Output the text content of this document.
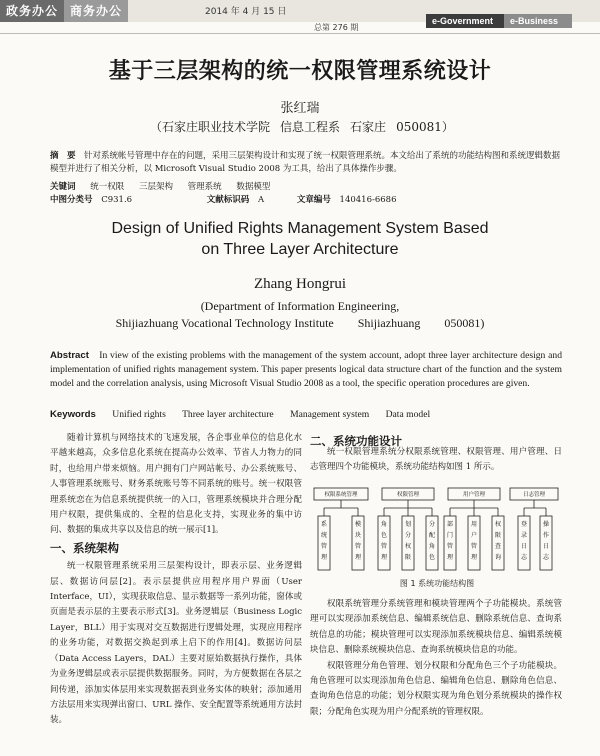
政务办公	商务办公	2014 年 4 月 15 日
总第 276 期
e-Government	e-Business
基于三层架构的统一权限管理系统设计
张红瑞
（石家庄职业技术学院 信息工程系 石家庄 050081）
摘　要　 针对系统帐号管理中存在的问题，采用三层架构设计和实现了统一权限管理系统。本文给出了系统的功能结构图和系统逻辑数据模型并进行了相关分析，以 Microsoft Visual Studio 2008 为工具，给出了具体操作步骤。
关键词 统一权限 三层架构 管理系统 数据模型
中图分类号 C931.6	文献标识码 A	文章编号 140416-6686
Design of Unified Rights Management System Based
on Three Layer Architecture
Zhang Hongrui
(Department of Information Engineering,
Shijiazhuang Vocational Technology Institute　　Shijiazhuang　　050081)
Abstract　 In view of the existing problems with the management of the system account, adopt three layer architecture design and implementation of unified rights management system. This paper presents logical data structure chart of the function and the system model and the correlation analysis, using Microsoft Visual Studio 2008 as a tool, the specific operation procedures are given.
Keywords Unified rights Three layer architecture Management system Data model

随着计算机与网络技术的飞速发展，各企事业单位的信息化水平越来越高，众多信息化系统在提高办公效率、节省人力物力的同时，也给用户带来烦恼。用户拥有门户网站帐号、办公系统账号、人事管理系统账号、财务系统账号等不同系统的账号。统一权限管理系统恋在为信息系统提供统一的入口，管理系统模块并合理分配用户权限，提供集成的、全程的信息化支持，实现业务的集中访问、数据的集成共享以及信息的统一展示[1]。

一、系统架构

统一权限管理系统采用三层架构设计，即表示层、业务逻辑层、数据访问层[2]。表示层提供应用程序用户界面（User Interface，UI），实现获取信息、显示数据等一系列功能，窗体或页面是表示层的主要表示形式[3]。业务逻辑层（Business Logic Layer，BLL）用于实现对交互数据进行逻辑处理，实现应用程序的业务功能，对数据交换起到承上启下的作用[4]。数据访问层（Data Access Layers，DAL）主要对原始数据执行操作，具体为业务逻辑层或表示层提供数据服务。同时，为方便数据在各层之间传递，添加实体层用来实现数据表到业务实体的映射；添加通用方法层用来实现弹出窗口、URL 操作、安全配置等系统通用方法封装。

二、系统功能设计

统一权限管理系统分权限系统管理、权限管理、用户管理、日志管理四个功能模块，系统功能结构如图 1 所示。

权限系统管理	权限管理	用户管理	日志管理
系统管理
模块管理
角色管理
划分权限
分配角色
部门管理
用户管理
权限查询
登录日志
操作日志
图 1 系统功能结构图

权限系统管理分系统管理和模块管理两个子功能模块。系统管理可以实现添加系统信息、编辑系统信息、删除系统信息、查询系统信息的功能；模块管理可以实现添加系统模块信息、编辑系统模块信息、删除系统模块信息、查询系统模块信息的功能。

权限管理分角色管理、划分权限和分配角色三个子功能模块。角色管理可以实现添加角色信息、编辑角色信息、删除角色信息、查询角色信息的功能；划分权限实现为角色划分系统模块的操作权限；分配角色实现为用户分配系统的管理权限。
